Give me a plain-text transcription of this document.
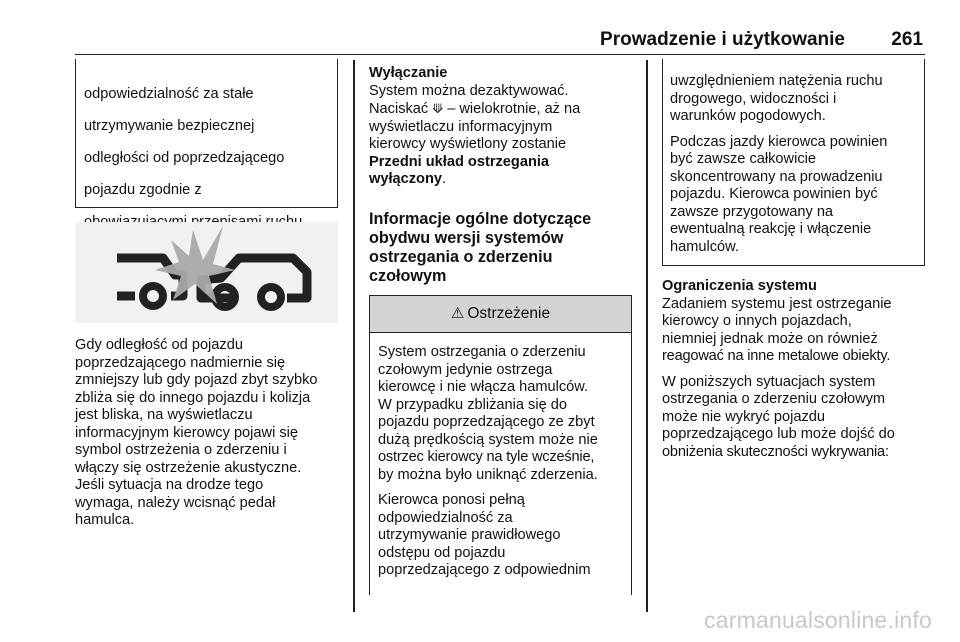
Prowadzenie i użytkowanie 261

odpowiedzialność za stałe

utrzymywanie bezpiecznej

odległości od poprzedzającego

pojazdu zgodnie z

Gdy odległość od pojazdu

poprzedzającego nadmiernie się

zmniejszy lub gdy pojazd zbyt szybko

zbliża się do innego pojazdu i kolizja

jest bliska, na wyświetlaczu

informacyjnym kierowcy pojawi się

symbol ostrzeżenia o zderzeniu i

włączy się ostrzeżenie akustyczne.

Jeśli sytuacja na drodze tego

wymaga, należy wcisnąć pedał

hamulca.

Wyłączanie

System można dezaktywować.

Naciskać ⟱ – wielokrotnie, aż na

wyświetlaczu informacyjnym

kierowcy wyświetlony zostanie

Przedni układ ostrzegania

wyłączony.

Informacje ogólne dotyczące

obydwu wersji systemów

ostrzegania o zderzeniu

czołowym

⚠ Ostrzeżenie

System ostrzegania o zderzeniu

czołowym jedynie ostrzega

kierowcę i nie włącza hamulców.

W przypadku zbliżania się do

pojazdu poprzedzającego ze zbyt

dużą prędkością system może nie

ostrzec kierowcy na tyle wcześnie,

by można było uniknąć zderzenia.

Kierowca ponosi pełną

odpowiedzialność za

utrzymywanie prawidłowego

odstępu od pojazdu

poprzedzającego z odpowiednim

uwzględnieniem natężenia ruchu

drogowego, widoczności i

warunków pogodowych.

Podczas jazdy kierowca powinien

być zawsze całkowicie

skoncentrowany na prowadzeniu

pojazdu. Kierowca powinien być

zawsze przygotowany na

ewentualną reakcję i włączenie

hamulców.

Ograniczenia systemu

Zadaniem systemu jest ostrzeganie

kierowcy o innych pojazdach,

niemniej jednak może on również

reagować na inne metalowe obiekty.

W poniższych sytuacjach system

ostrzegania o zderzeniu czołowym

może nie wykryć pojazdu

poprzedzającego lub może dojść do

obniżenia skuteczności wykrywania:

carmanualsonline.info
